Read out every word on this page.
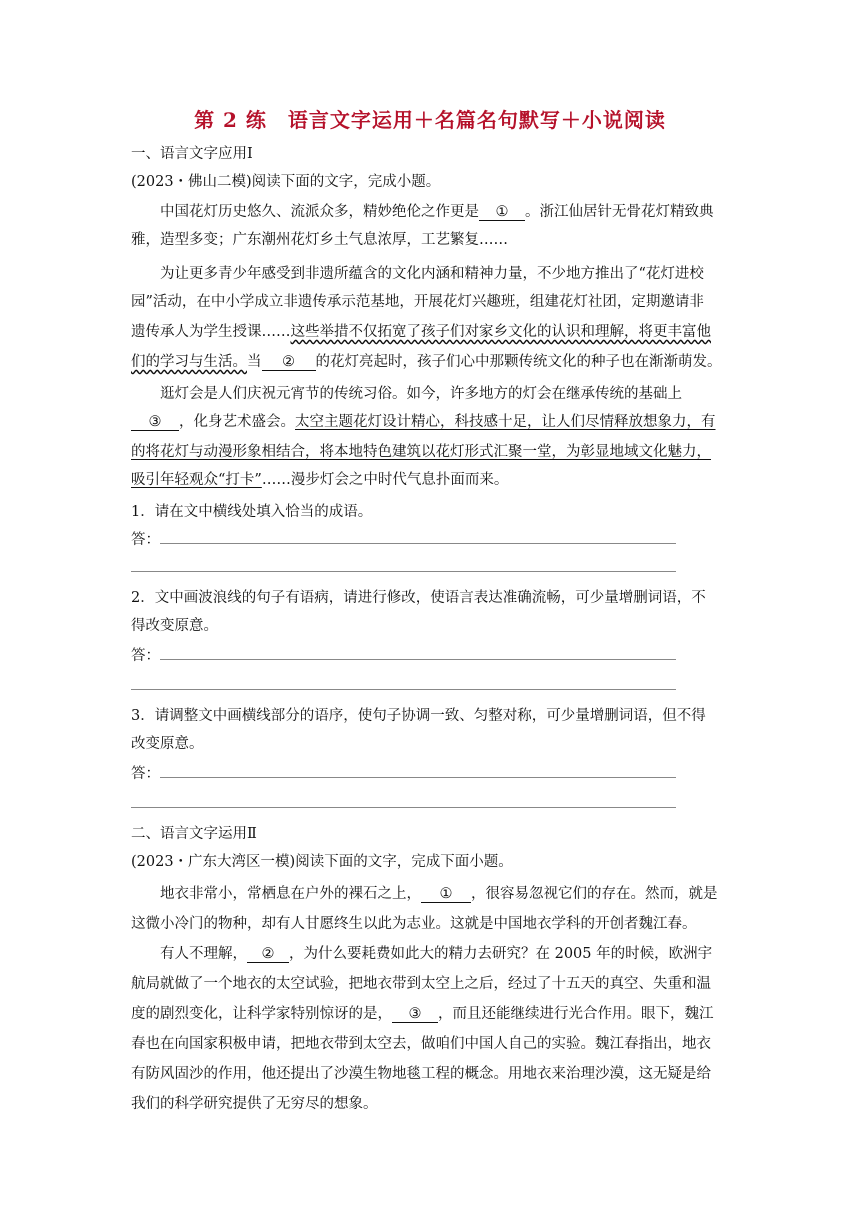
第 2 练　语言文字运用＋名篇名句默写＋小说阅读
一、语言文字应用Ⅰ
(2023・佛山二模)阅读下面的文字，完成小题。
中国花灯历史悠久、流派众多，精妙绝伦之作更是 ① 。浙江仙居针无骨花灯精致典
雅，造型多变；广东潮州花灯乡土气息浓厚，工艺繁复……
为让更多青少年感受到非遗所蕴含的文化内涵和精神力量，不少地方推出了“花灯进校
园”活动，在中小学成立非遗传承示范基地，开展花灯兴趣班，组建花灯社团，定期邀请非
遗传承人为学生授课……这些举措不仅拓宽了孩子们对家乡文化的认识和理解，将更丰富他
们的学习与生活。当 ② 的花灯亮起时，孩子们心中那颗传统文化的种子也在渐渐萌发。
逛灯会是人们庆祝元宵节的传统习俗。如今，许多地方的灯会在继承传统的基础上
③ ，化身艺术盛会。太空主题花灯设计精心，科技感十足，让人们尽情释放想象力，有
的将花灯与动漫形象相结合，将本地特色建筑以花灯形式汇聚一堂，为彰显地域文化魅力，
吸引年轻观众“打卡”……漫步灯会之中时代气息扑面而来。
1．请在文中横线处填入恰当的成语。
答：
2．文中画波浪线的句子有语病，请进行修改，使语言表达准确流畅，可少量增删词语，不
得改变原意。
答：
3．请调整文中画横线部分的语序，使句子协调一致、匀整对称，可少量增删词语，但不得
改变原意。
答：
二、语言文字运用Ⅱ
(2023・广东大湾区一模)阅读下面的文字，完成下面小题。
地衣非常小，常栖息在户外的裸石之上， ① ，很容易忽视它们的存在。然而，就是
这微小冷门的物种，却有人甘愿终生以此为志业。这就是中国地衣学科的开创者魏江春。
有人不理解， ② ，为什么要耗费如此大的精力去研究？在 2005 年的时候，欧洲宇
航局就做了一个地衣的太空试验，把地衣带到太空上之后，经过了十五天的真空、失重和温
度的剧烈变化，让科学家特别惊讶的是， ③ ，而且还能继续进行光合作用。眼下，魏江
春也在向国家积极申请，把地衣带到太空去，做咱们中国人自己的实验。魏江春指出，地衣
有防风固沙的作用，他还提出了沙漠生物地毯工程的概念。用地衣来治理沙漠，这无疑是给
我们的科学研究提供了无穷尽的想象。
